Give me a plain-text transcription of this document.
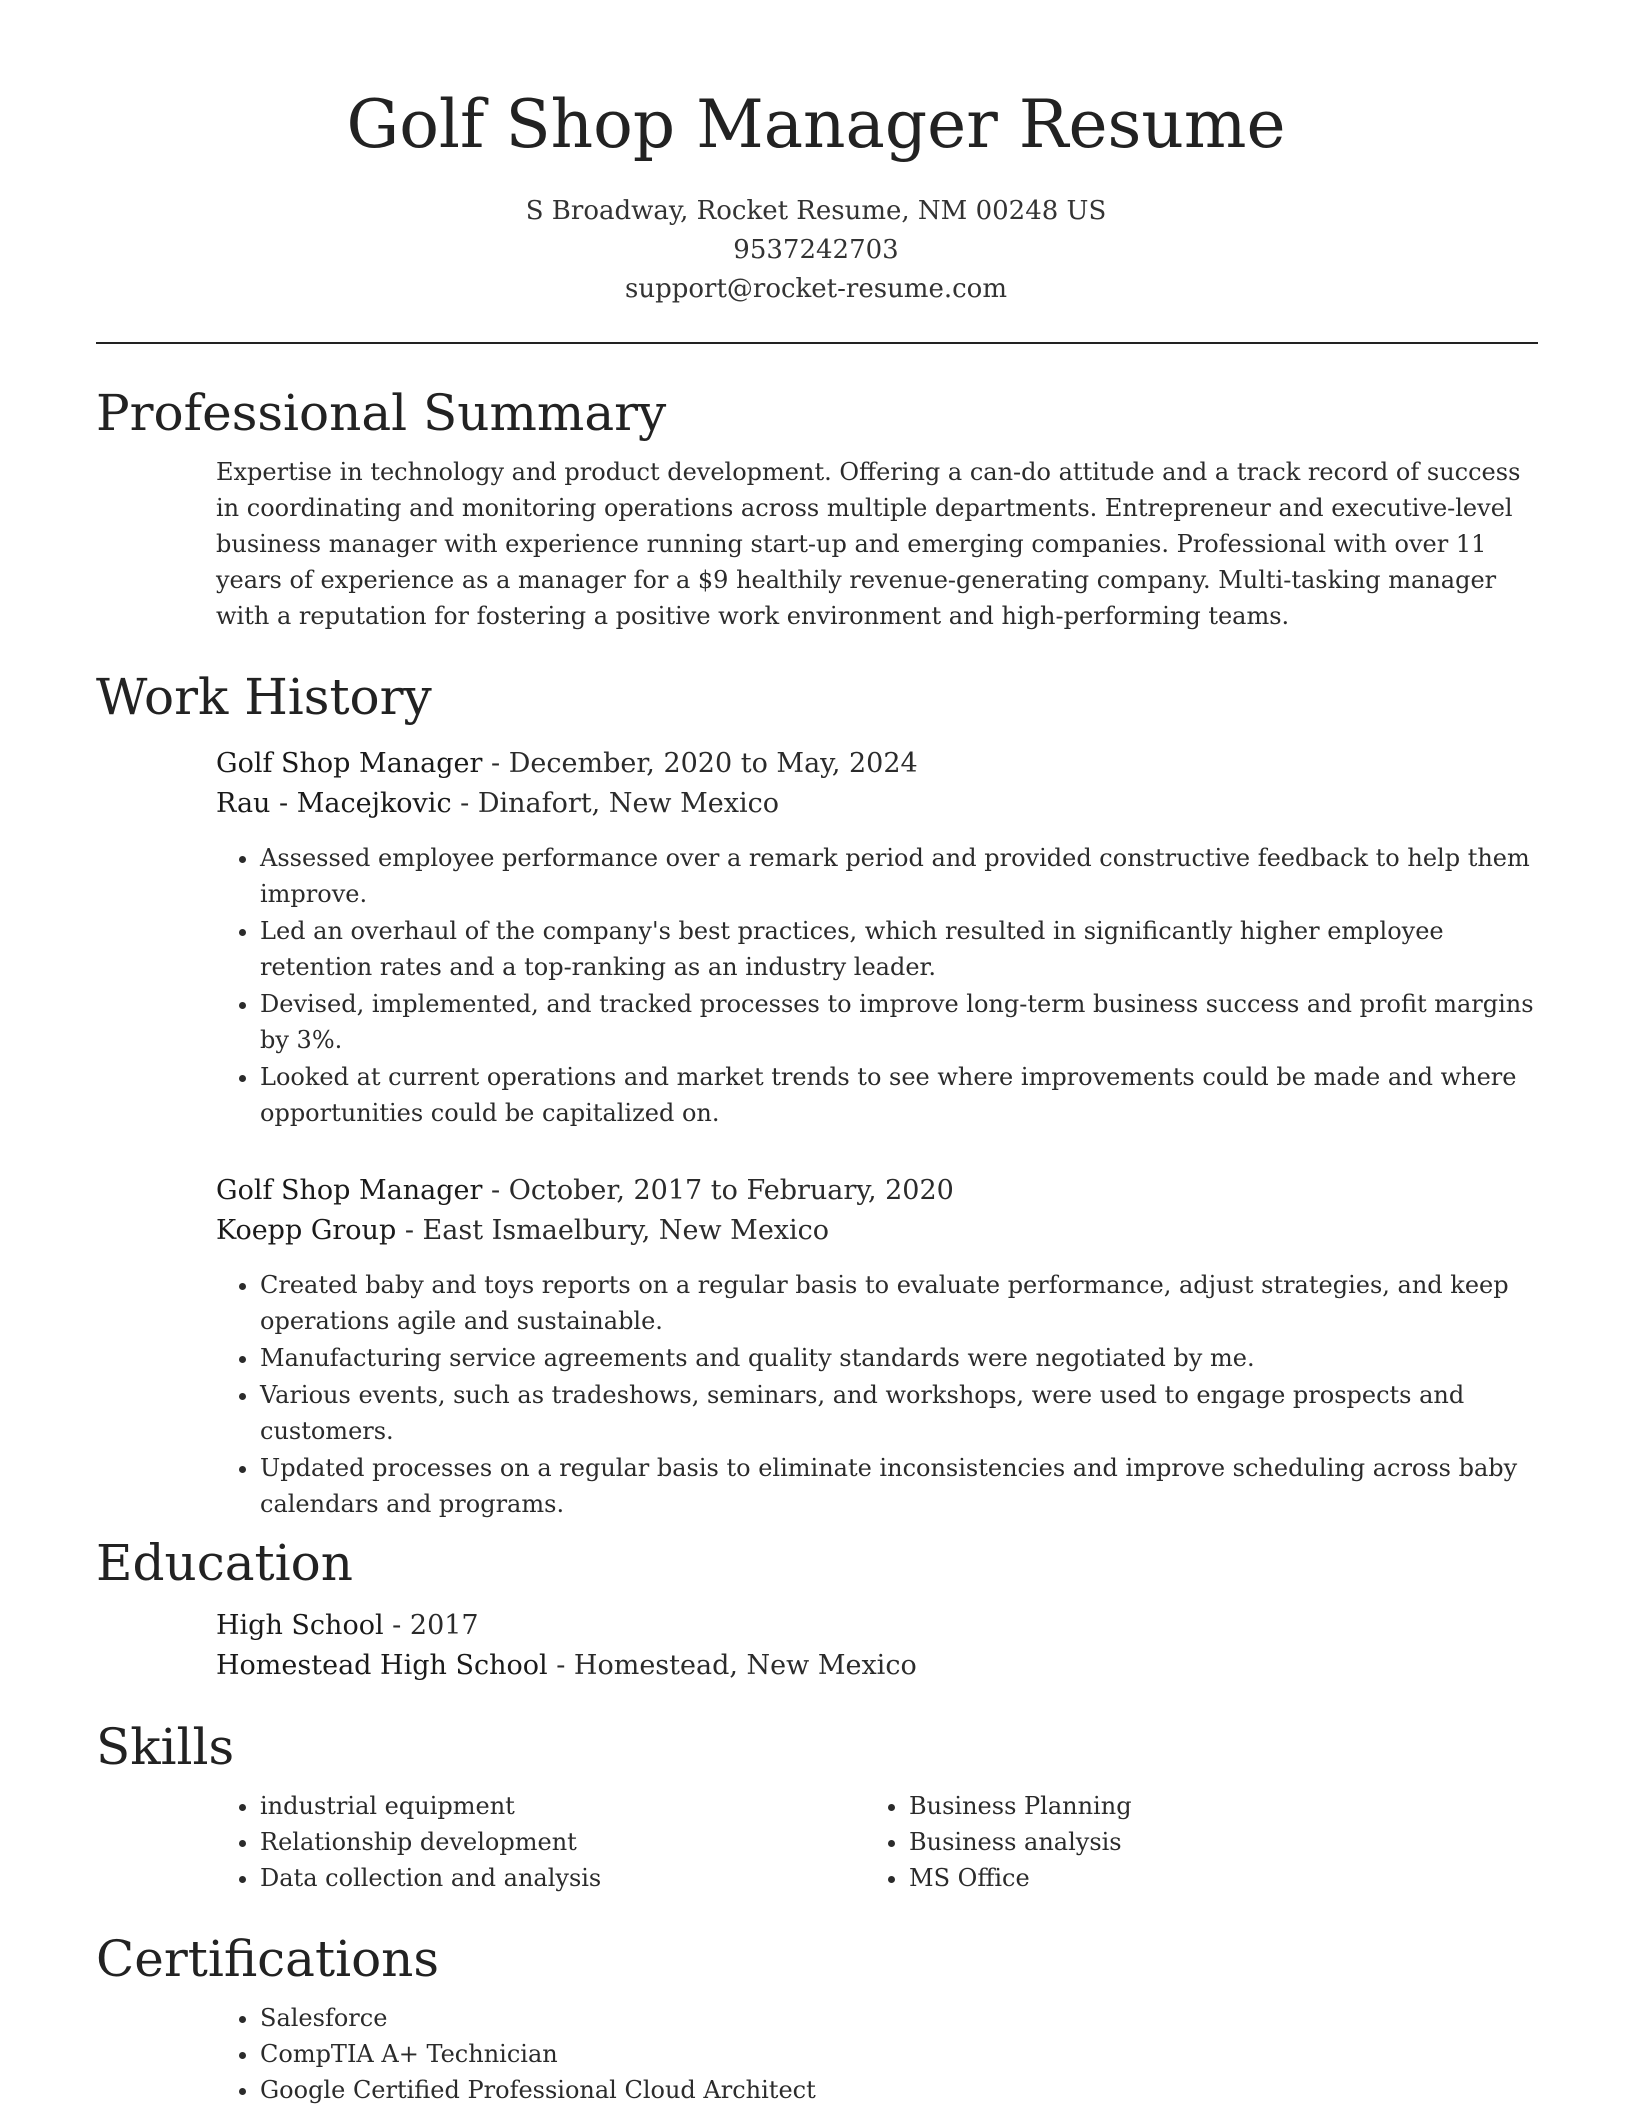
Golf Shop Manager Resume
S Broadway, Rocket Resume, NM 00248 US
9537242703
support@rocket-resume.com
Professional Summary

Expertise in technology and product development. Offering a can-do attitude and a track record of success in coordinating and monitoring operations across multiple departments. Entrepreneur and executive-level business manager with experience running start-up and emerging companies. Professional with over 11 years of experience as a manager for a $9 healthily revenue-generating company. Multi-tasking manager with a reputation for fostering a positive work environment and high-performing teams.

Work History
Golf Shop Manager - December, 2020 to May, 2024
Rau - Macejkovic - Dinafort, New Mexico
• Assessed employee performance over a remark period and provided constructive feedback to help them improve.
• Led an overhaul of the company's best practices, which resulted in significantly higher employee retention rates and a top-ranking as an industry leader.
• Devised, implemented, and tracked processes to improve long-term business success and profit margins by 3%.
• Looked at current operations and market trends to see where improvements could be made and where opportunities could be capitalized on.
Golf Shop Manager - October, 2017 to February, 2020
Koepp Group - East Ismaelbury, New Mexico
• Created baby and toys reports on a regular basis to evaluate performance, adjust strategies, and keep operations agile and sustainable.
• Manufacturing service agreements and quality standards were negotiated by me.
• Various events, such as tradeshows, seminars, and workshops, were used to engage prospects and customers.
• Updated processes on a regular basis to eliminate inconsistencies and improve scheduling across baby calendars and programs.
Education
High School - 2017
Homestead High School - Homestead, New Mexico
Skills
• industrial equipment
• Relationship development
• Data collection and analysis
• Business Planning
• Business analysis
• MS Office
Certifications
• Salesforce
• CompTIA A+ Technician
• Google Certified Professional Cloud Architect
